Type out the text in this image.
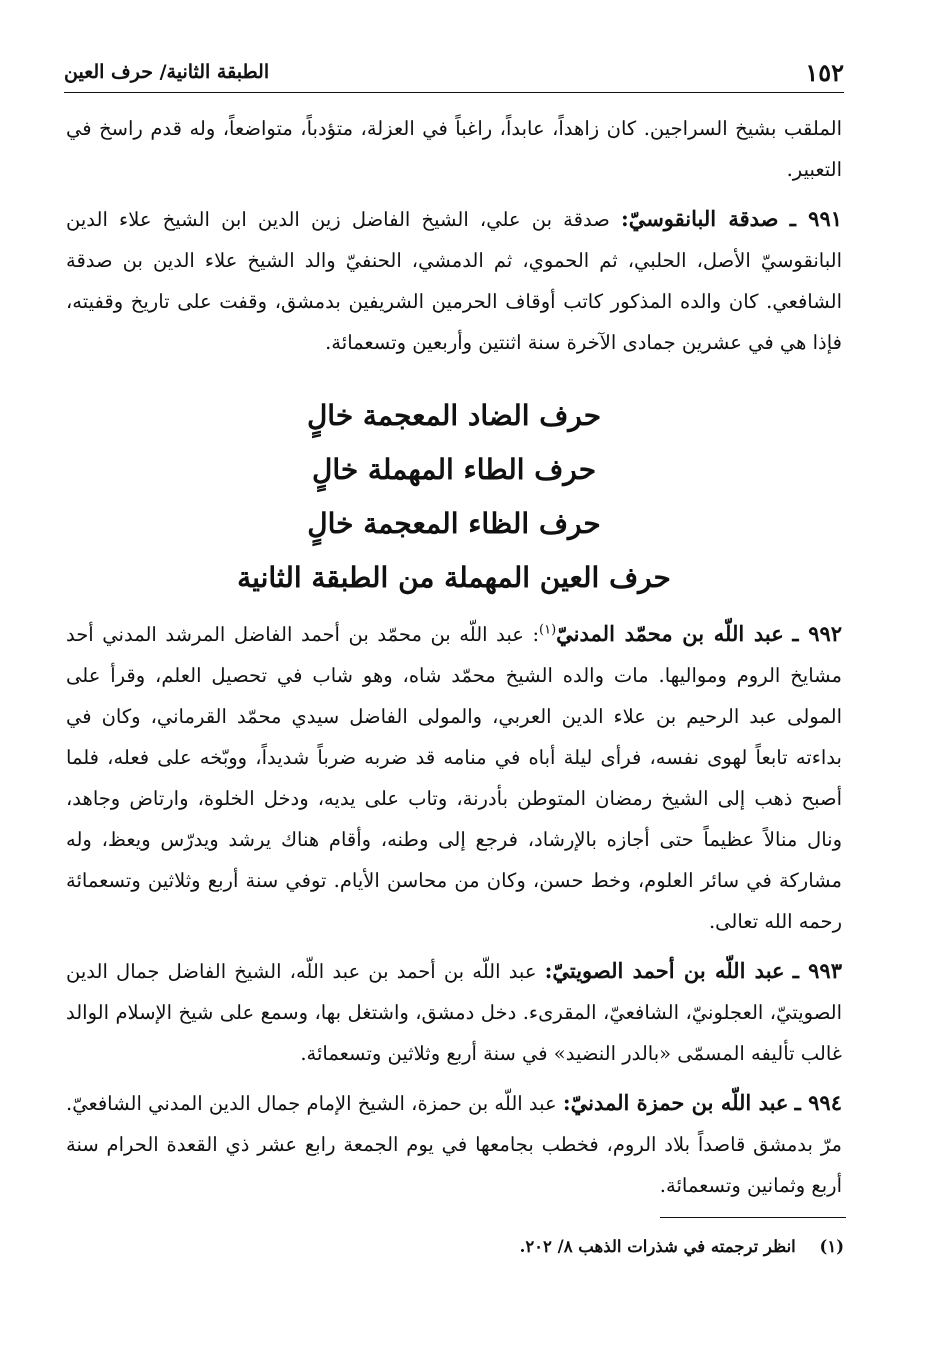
١٥٢
الطبقة الثانية/ حرف العين

الملقب بشيخ السراجين. كان زاهداً، عابداً، راغباً في العزلة، متؤدباً، متواضعاً، وله قدم راسخ في التعبير.

٩٩١ ـ صدقة البانقوسيّ: صدقة بن علي، الشيخ الفاضل زين الدين ابن الشيخ علاء الدين البانقوسيّ الأصل، الحلبي، ثم الحموي، ثم الدمشي، الحنفيّ والد الشيخ علاء الدين بن صدقة الشافعي. كان والده المذكور كاتب أوقاف الحرمين الشريفين بدمشق، وقفت على تاريخ وقفيته، فإذا هي في عشرين جمادى الآخرة سنة اثنتين وأربعين وتسعمائة.

حرف الضاد المعجمة خالٍ
حرف الطاء المهملة خالٍ
حرف الظاء المعجمة خالٍ
حرف العين المهملة من الطبقة الثانية

٩٩٢ ـ عبد اللّه بن محمّد المدنيّ$^{(١)}$: عبد اللّه بن محمّد بن أحمد الفاضل المرشد المدني أحد مشايخ الروم ومواليها. مات والده الشيخ محمّد شاه، وهو شاب في تحصيل العلم، وقرأ على المولى عبد الرحيم بن علاء الدين العربي، والمولى الفاضل سيدي محمّد القرماني، وكان في بداءته تابعاً لهوى نفسه، فرأى ليلة أباه في منامه قد ضربه ضرباً شديداً، ووبّخه على فعله، فلما أصبح ذهب إلى الشيخ رمضان المتوطن بأدرنة، وتاب على يديه، ودخل الخلوة، وارتاض وجاهد، ونال منالاً عظيماً حتى أجازه بالإرشاد، فرجع إلى وطنه، وأقام هناك يرشد ويدرّس ويعظ، وله مشاركة في سائر العلوم، وخط حسن، وكان من محاسن الأيام. توفي سنة أربع وثلاثين وتسعمائة رحمه الله تعالى.

٩٩٣ ـ عبد اللّه بن أحمد الصويتيّ: عبد اللّه بن أحمد بن عبد اللّه، الشيخ الفاضل جمال الدين الصويتيّ، العجلونيّ، الشافعيّ، المقرىء. دخل دمشق، واشتغل بها، وسمع على شيخ الإسلام الوالد غالب تأليفه المسمّى «بالدر النضيد» في سنة أربع وثلاثين وتسعمائة.

٩٩٤ ـ عبد اللّه بن حمزة المدنيّ: عبد اللّه بن حمزة، الشيخ الإمام جمال الدين المدني الشافعيّ. مرّ بدمشق قاصداً بلاد الروم، فخطب بجامعها في يوم الجمعة رابع عشر ذي القعدة الحرام سنة أربع وثمانين وتسعمائة.

(١) انظر ترجمته في شذرات الذهب ٨/ ٢٠٢.
